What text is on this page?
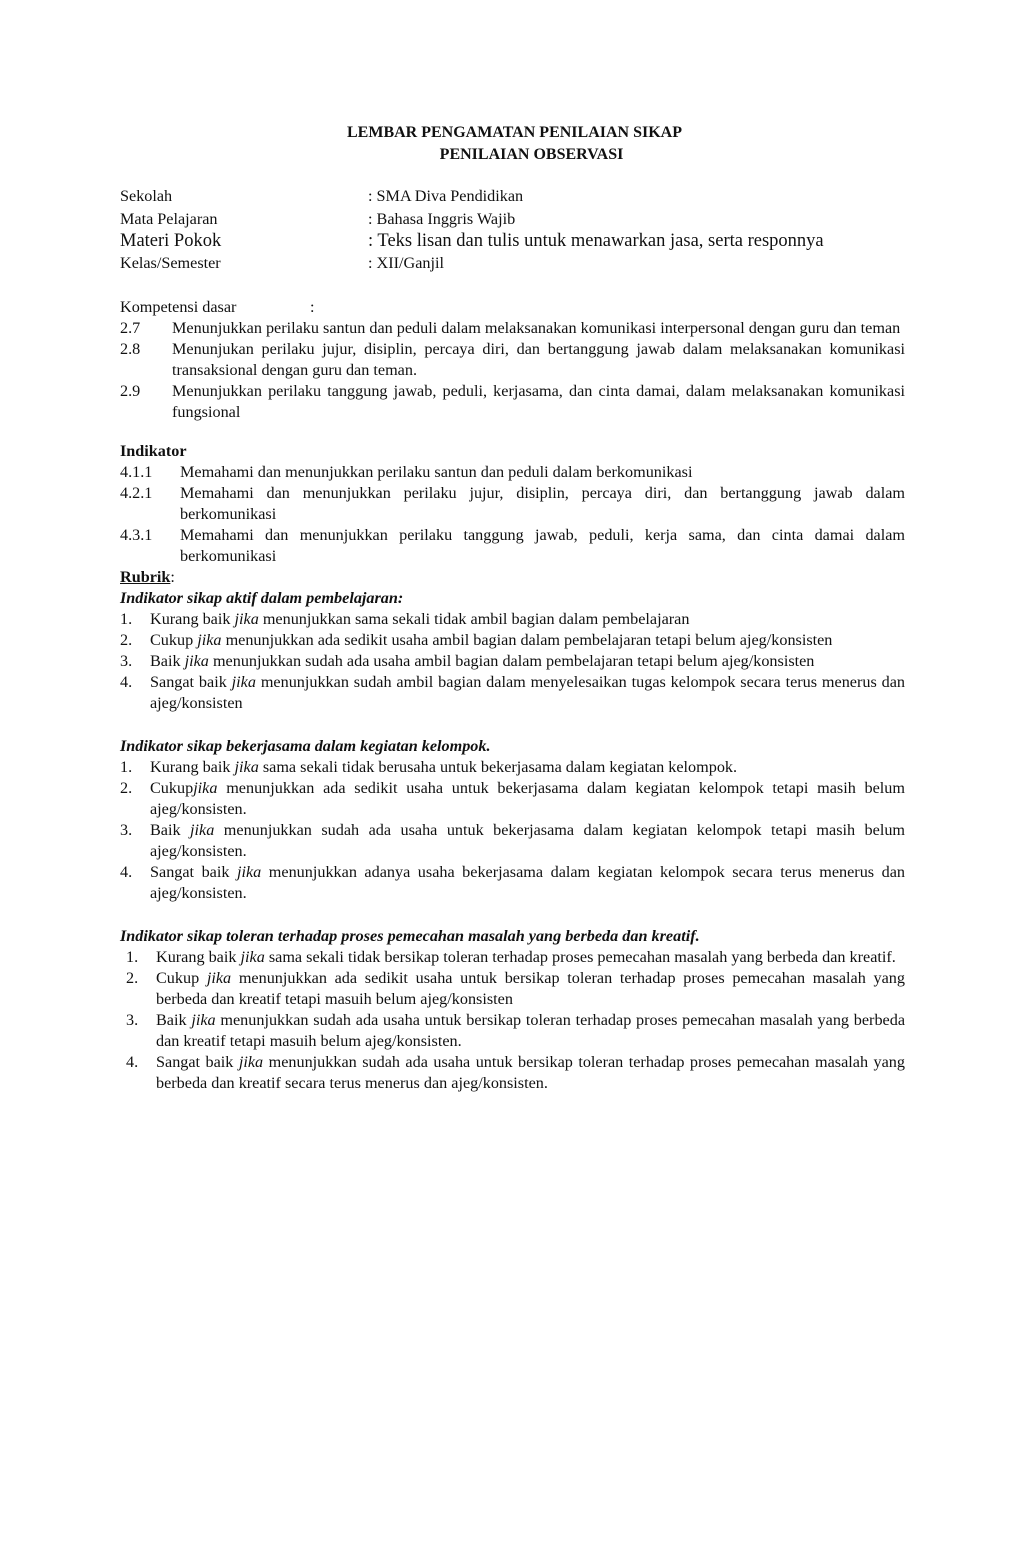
LEMBAR PENGAMATAN PENILAIAN SIKAP

PENILAIAN OBSERVASI

Sekolah	: SMA Diva Pendidikan
Mata Pelajaran	: Bahasa Inggris Wajib
Materi Pokok	: Teks lisan dan tulis untuk menawarkan jasa, serta responnya
Kelas/Semester	: XII/Ganjil
Kompetensi dasar	:
2.7	Menunjukkan perilaku santun dan peduli dalam melaksanakan komunikasi interpersonal dengan guru dan teman
2.8	Menunjukan perilaku jujur, disiplin, percaya diri, dan bertanggung jawab dalam melaksanakan komunikasi transaksional dengan guru dan teman.
2.9	Menunjukkan perilaku tanggung jawab, peduli, kerjasama, dan cinta damai, dalam melaksanakan komunikasi fungsional
Indikator
4.1.1	Memahami dan menunjukkan perilaku santun dan peduli dalam berkomunikasi
4.2.1	Memahami dan menunjukkan perilaku jujur, disiplin, percaya diri, dan bertanggung jawab dalam berkomunikasi
4.3.1	Memahami dan menunjukkan perilaku tanggung jawab, peduli, kerja sama, dan cinta damai dalam berkomunikasi
Rubrik:
Indikator sikap aktif dalam pembelajaran:
1.	Kurang baik jika menunjukkan sama sekali tidak ambil bagian dalam pembelajaran
2.	Cukup jika menunjukkan ada sedikit usaha ambil bagian dalam pembelajaran tetapi belum ajeg/konsisten
3.	Baik jika menunjukkan sudah ada usaha ambil bagian dalam pembelajaran tetapi belum ajeg/konsisten
4.	Sangat baik jika menunjukkan sudah ambil bagian dalam menyelesaikan tugas kelompok secara terus menerus dan ajeg/konsisten
Indikator sikap bekerjasama dalam kegiatan kelompok.
1.	Kurang baik jika sama sekali tidak berusaha untuk bekerjasama dalam kegiatan kelompok.
2.	Cukupjika menunjukkan ada sedikit usaha untuk bekerjasama dalam kegiatan kelompok tetapi masih belum ajeg/konsisten.
3.	Baik jika menunjukkan sudah ada usaha untuk bekerjasama dalam kegiatan kelompok tetapi masih belum ajeg/konsisten.
4.	Sangat baik jika menunjukkan adanya usaha bekerjasama dalam kegiatan kelompok secara terus menerus dan ajeg/konsisten.
Indikator sikap toleran terhadap proses pemecahan masalah yang berbeda dan kreatif.
1.	Kurang baik jika sama sekali tidak bersikap toleran terhadap proses pemecahan masalah yang berbeda dan kreatif.
2.	Cukup jika menunjukkan ada sedikit usaha untuk bersikap toleran terhadap proses pemecahan masalah yang berbeda dan kreatif tetapi masuih belum ajeg/konsisten
3.	Baik jika menunjukkan sudah ada usaha untuk bersikap toleran terhadap proses pemecahan masalah yang berbeda dan kreatif tetapi masuih belum ajeg/konsisten.
4.	Sangat baik jika menunjukkan sudah ada usaha untuk bersikap toleran terhadap proses pemecahan masalah yang berbeda dan kreatif secara terus menerus dan ajeg/konsisten.
